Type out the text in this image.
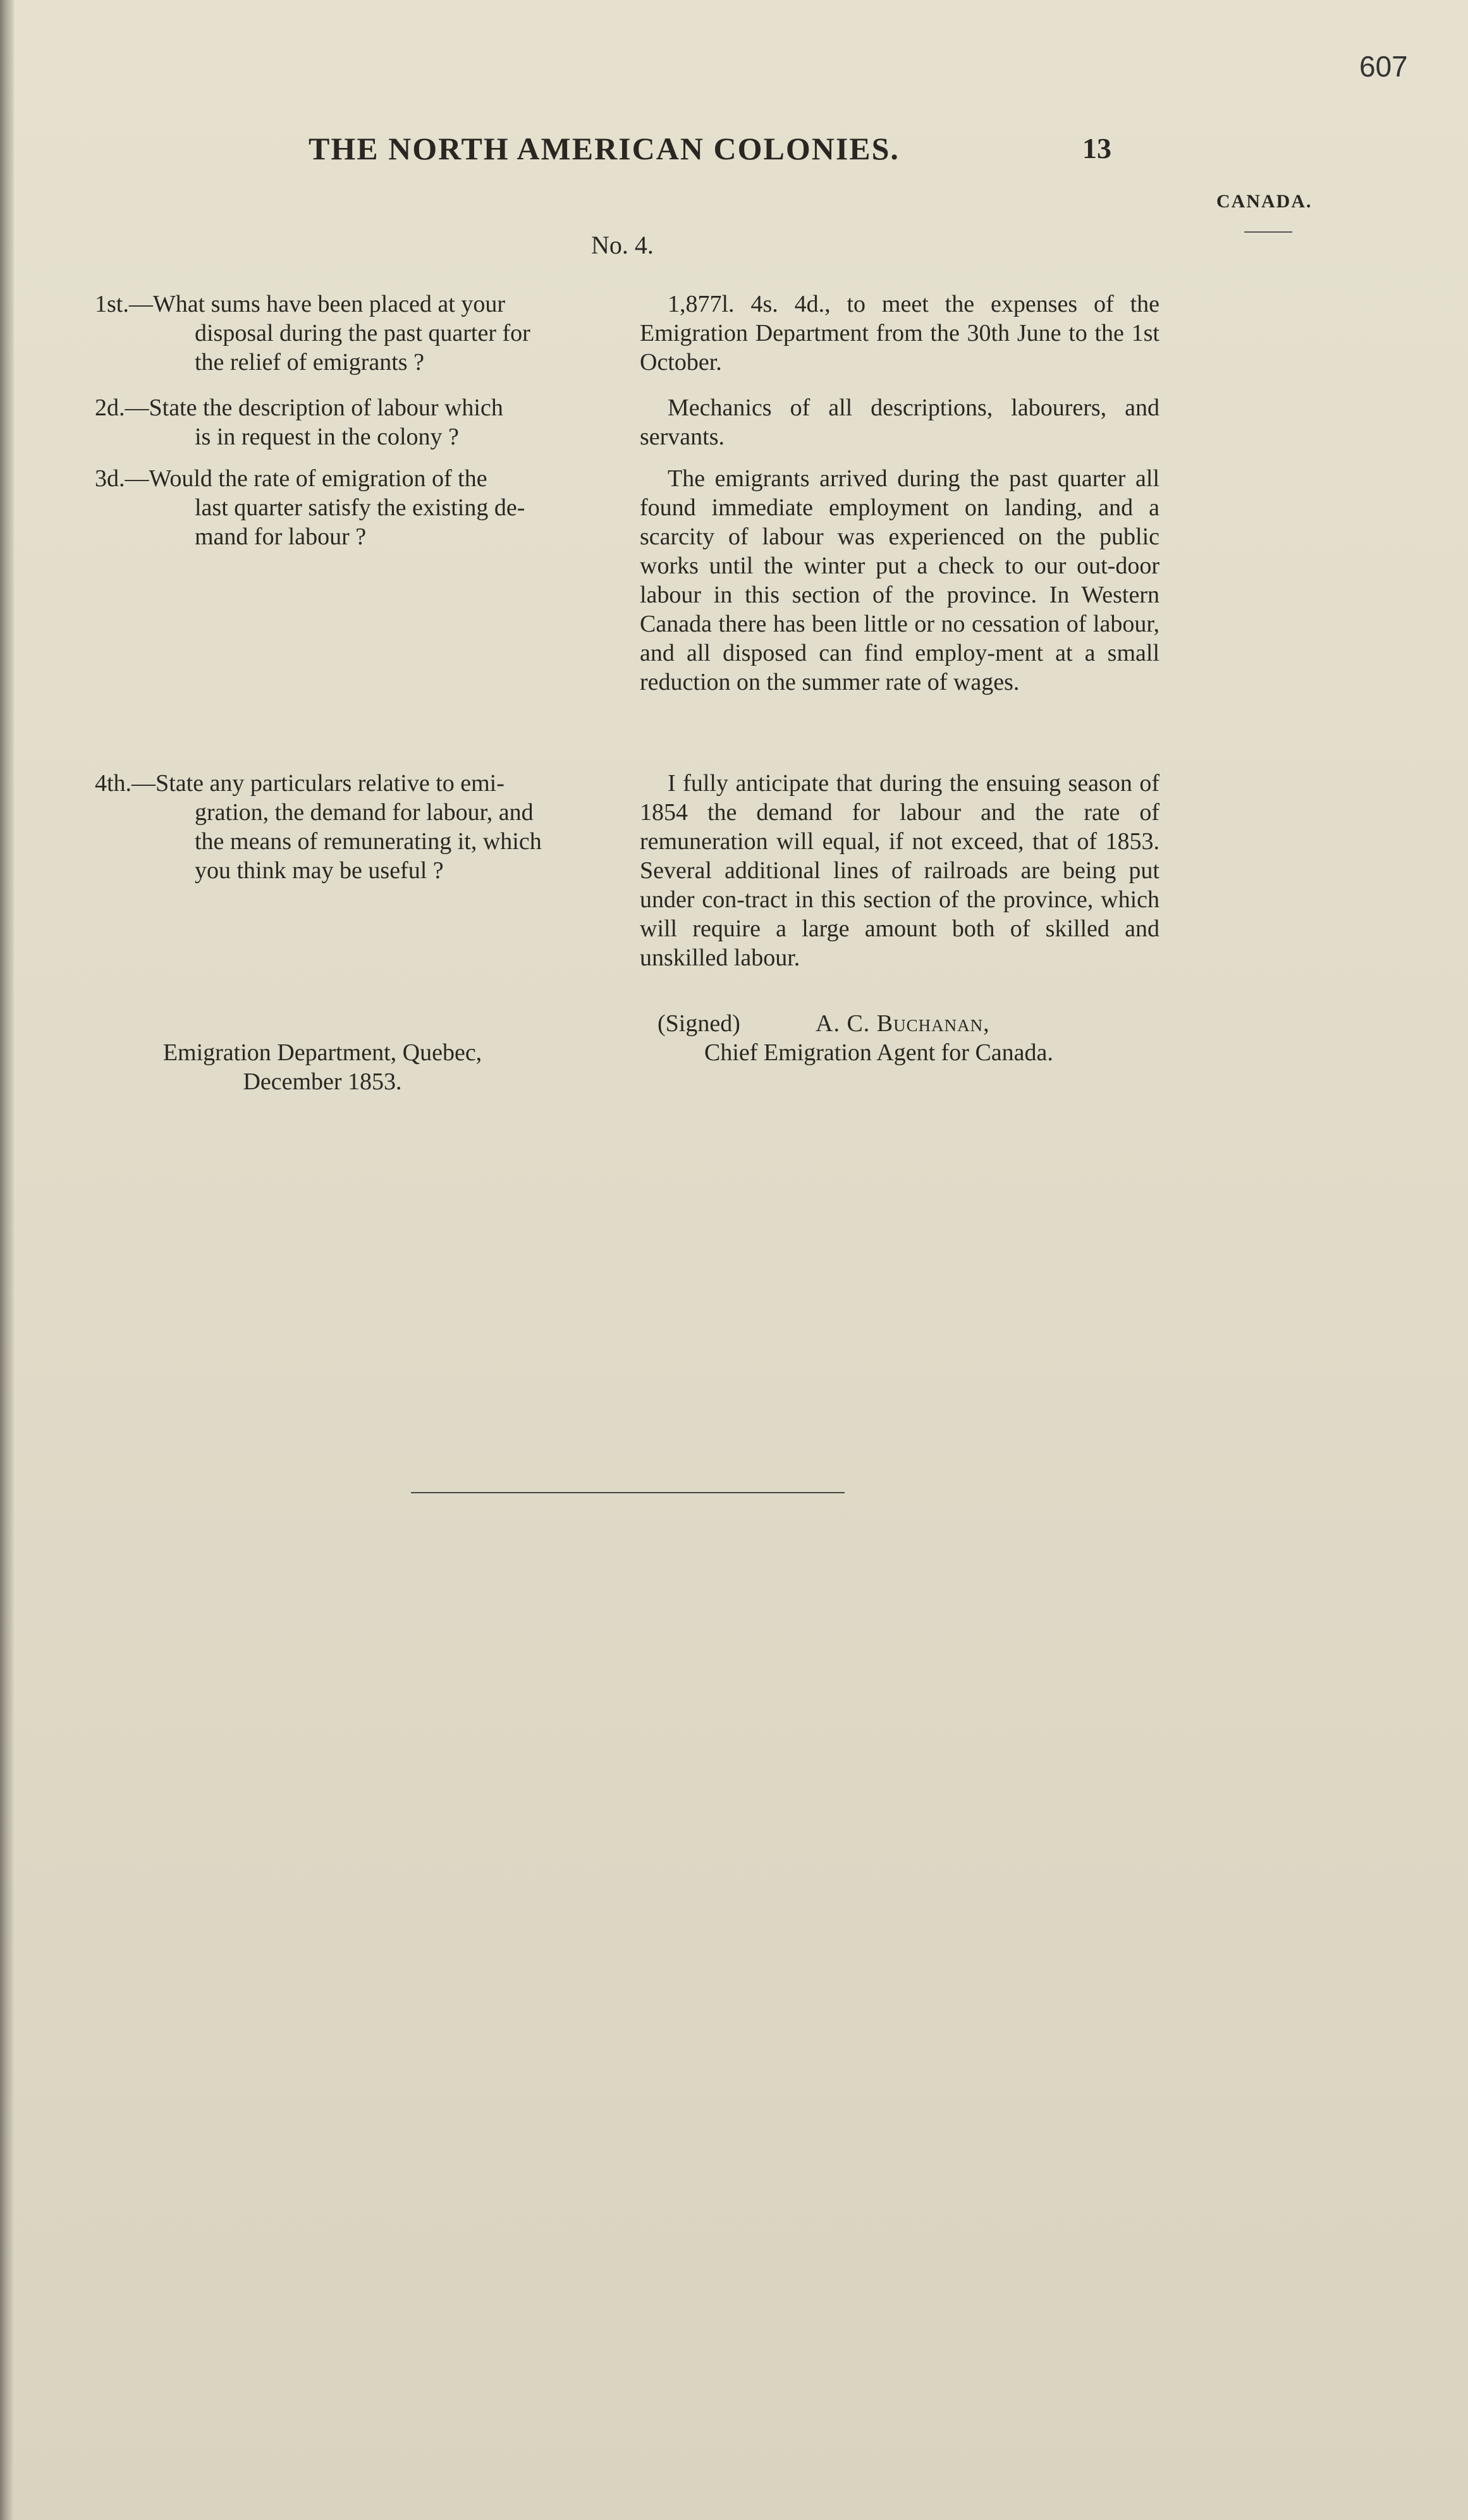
607
THE NORTH AMERICAN COLONIES.	13
CANADA.
No. 4.
1st.—What sums have been placed at your
disposal during the past quarter for
the relief of emigrants ?
1,877l. 4s. 4d., to meet the expenses of the Emigration Department from the 30th June to the 1st October.
2d.—State the description of labour which
is in request in the colony ?
Mechanics of all descriptions, labourers, and servants.
3d.—Would the rate of emigration of the
last quarter satisfy the existing de-
mand for labour ?
The emigrants arrived during the past quarter all found immediate employment on landing, and a scarcity of labour was experienced on the public works until the winter put a check to our out-door labour in this section of the province. In Western Canada there has been little or no cessation of labour, and all disposed can find employ-ment at a small reduction on the summer rate of wages.
4th.—State any particulars relative to emi-
gration, the demand for labour, and
the means of remunerating it, which
you think may be useful ?
I fully anticipate that during the ensuing season of 1854 the demand for labour and the rate of remuneration will equal, if not exceed, that of 1853. Several additional lines of railroads are being put under con-tract in this section of the province, which will require a large amount both of skilled and unskilled labour.
(Signed)	A. C. Buchanan,
Chief Emigration Agent for Canada.
Emigration Department, Quebec,
December 1853.
